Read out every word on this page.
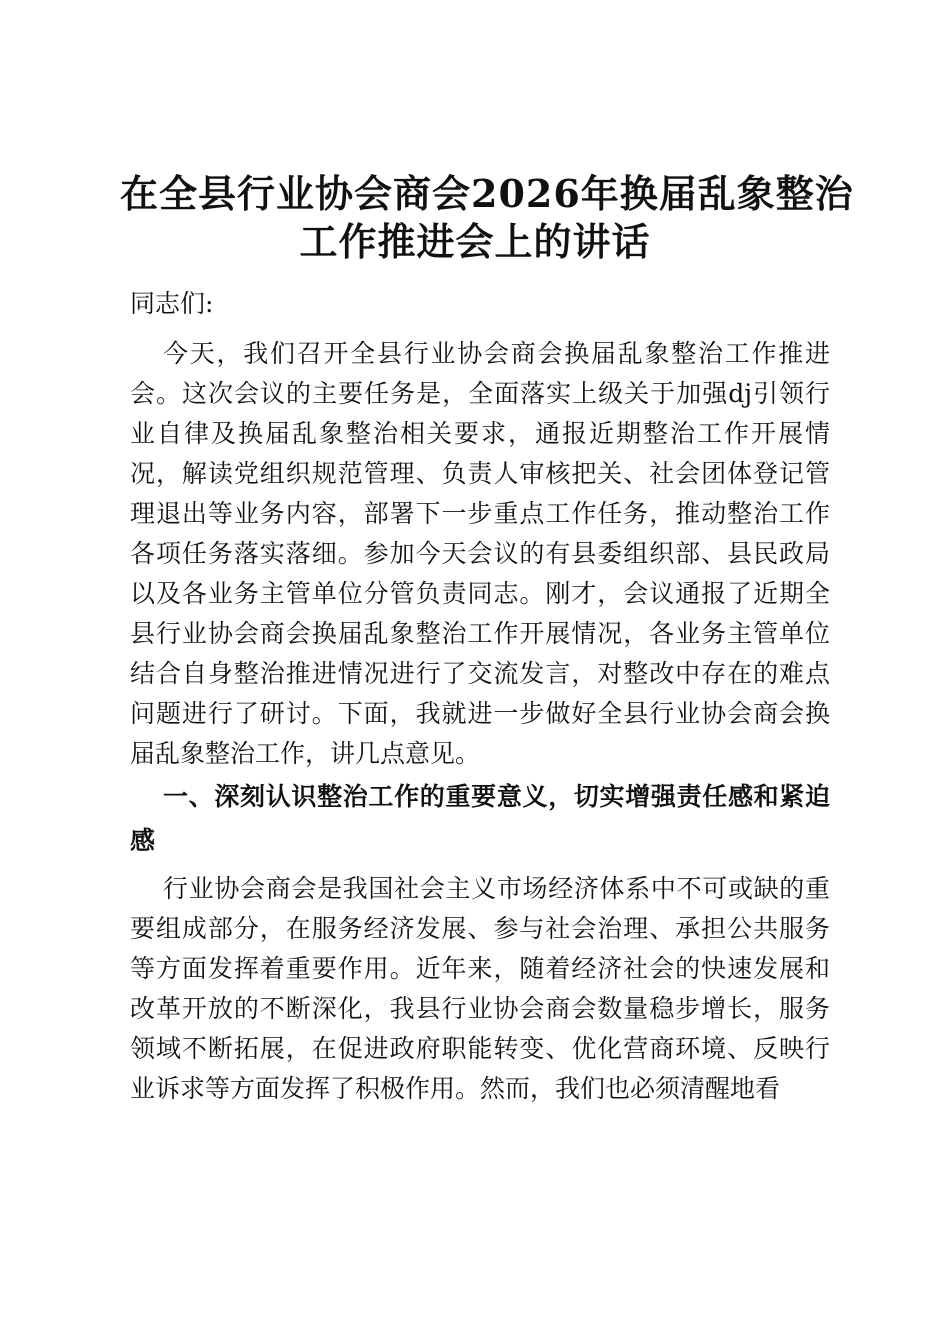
在全县行业协会商会2026年换届乱象整治
工作推进会上的讲话
同志们:
今天，我们召开全县行业协会商会换届乱象整治工作推进
会。这次会议的主要任务是，全面落实上级关于加强dj引领行
业自律及换届乱象整治相关要求，通报近期整治工作开展情
况，解读党组织规范管理、负责人审核把关、社会团体登记管
理退出等业务内容，部署下一步重点工作任务，推动整治工作
各项任务落实落细。参加今天会议的有县委组织部、县民政局
以及各业务主管单位分管负责同志。刚才，会议通报了近期全
县行业协会商会换届乱象整治工作开展情况，各业务主管单位
结合自身整治推进情况进行了交流发言，对整改中存在的难点
问题进行了研讨。下面，我就进一步做好全县行业协会商会换
届乱象整治工作，讲几点意见。
一、深刻认识整治工作的重要意义，切实增强责任感和紧迫
感
行业协会商会是我国社会主义市场经济体系中不可或缺的重
要组成部分，在服务经济发展、参与社会治理、承担公共服务
等方面发挥着重要作用。近年来，随着经济社会的快速发展和
改革开放的不断深化，我县行业协会商会数量稳步增长，服务
领域不断拓展，在促进政府职能转变、优化营商环境、反映行
业诉求等方面发挥了积极作用。然而，我们也必须清醒地看
